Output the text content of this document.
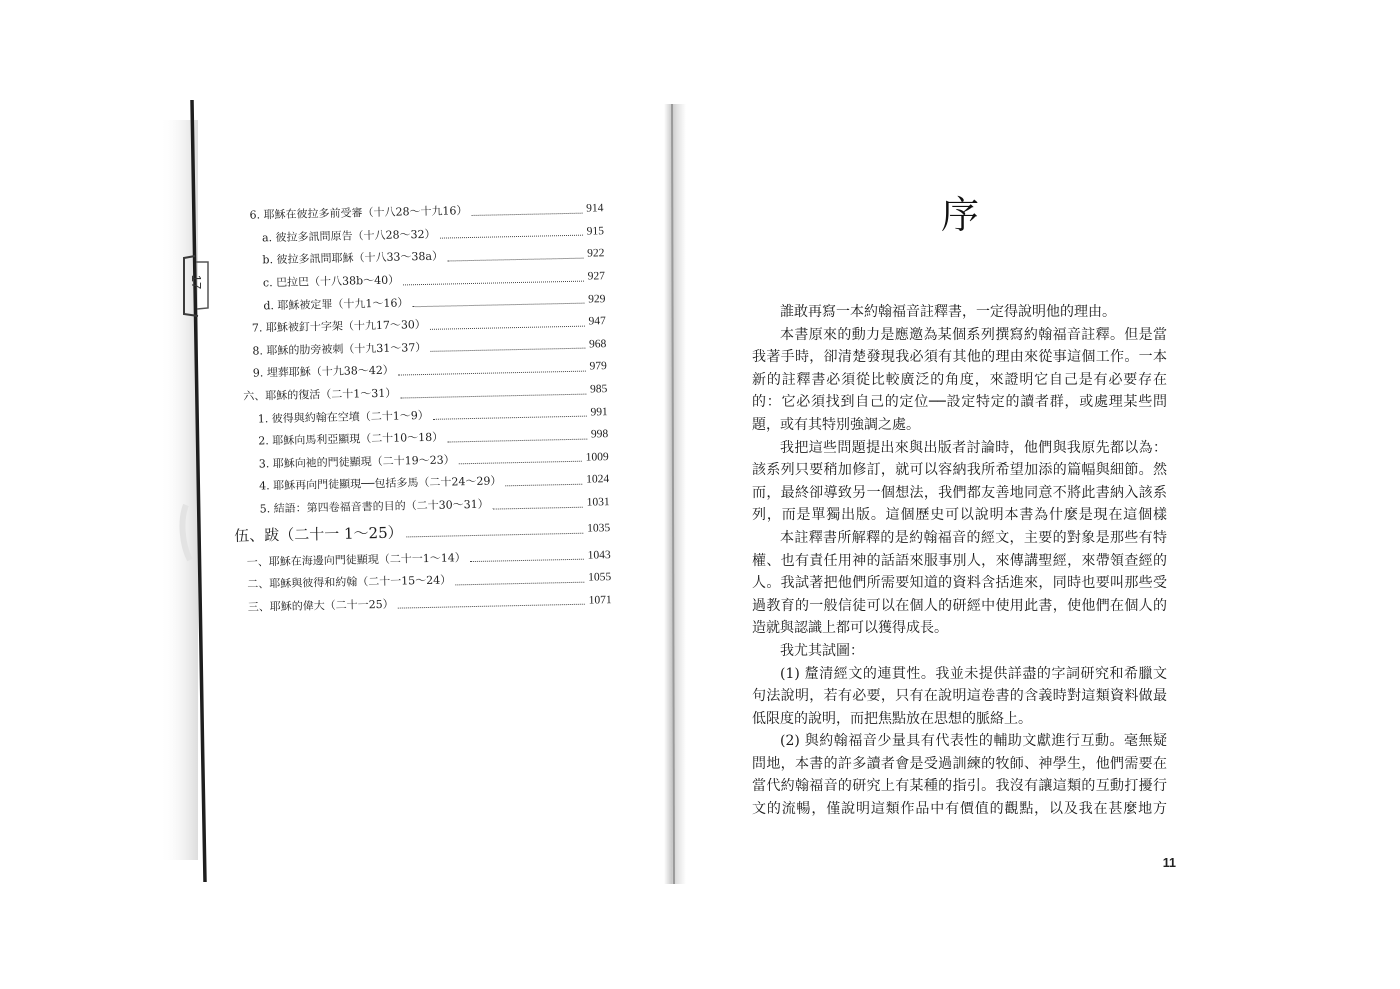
17
6. 耶穌在彼拉多前受審（十八28～十九16）	914
a. 彼拉多訊問原告（十八28～32）	915
b. 彼拉多訊問耶穌（十八33～38a）	922
c. 巴拉巴（十八38b～40）	927
d. 耶穌被定罪（十九1～16）	929
7. 耶穌被釘十字架（十九17～30）	947
8. 耶穌的肋旁被刺（十九31～37）	968
9. 埋葬耶穌（十九38～42）	979
六、耶穌的復活（二十1～31）	985
1. 彼得與約翰在空墳（二十1～9）	991
2. 耶穌向馬利亞顯現（二十10～18）	998
3. 耶穌向祂的門徒顯現（二十19～23）	1009
4. 耶穌再向門徒顯現──包括多馬（二十24～29）	1024
5. 結語：第四卷福音書的目的（二十30～31）	1031
伍、跋（二十一 1～25）	1035
一、耶穌在海邊向門徒顯現（二十一1～14）	1043
二、耶穌與彼得和約翰（二十一15～24）	1055
三、耶穌的偉大（二十一25）	1071
序
誰敢再寫一本約翰福音註釋書，一定得說明他的理由。
本書原來的動力是應邀為某個系列撰寫約翰福音註釋。但是當
我著手時，卻清楚發現我必須有其他的理由來從事這個工作。一本
新的註釋書必須從比較廣泛的角度，來證明它自己是有必要存在
的：它必須找到自己的定位──設定特定的讀者群，或處理某些問
題，或有其特別強調之處。
我把這些問題提出來與出版者討論時，他們與我原先都以為：
該系列只要稍加修訂，就可以容納我所希望加添的篇幅與細節。然
而，最終卻導致另一個想法，我們都友善地同意不將此書納入該系
列，而是單獨出版。這個歷史可以說明本書為什麼是現在這個樣
本註釋書所解釋的是約翰福音的經文，主要的對象是那些有特
權、也有責任用神的話語來服事別人，來傳講聖經，來帶領查經的
人。我試著把他們所需要知道的資料含括進來，同時也要叫那些受
過教育的一般信徒可以在個人的研經中使用此書，使他們在個人的
造就與認識上都可以獲得成長。
我尤其試圖：
(1) 釐清經文的連貫性。我並未提供詳盡的字詞研究和希臘文
句法說明，若有必要，只有在說明這卷書的含義時對這類資料做最
低限度的說明，而把焦點放在思想的脈絡上。
(2) 與約翰福音少量具有代表性的輔助文獻進行互動。毫無疑
問地，本書的許多讀者會是受過訓練的牧師、神學生，他們需要在
當代約翰福音的研究上有某種的指引。我沒有讓這類的互動打擾行
文的流暢，僅說明這類作品中有價值的觀點，以及我在甚麼地方
11
